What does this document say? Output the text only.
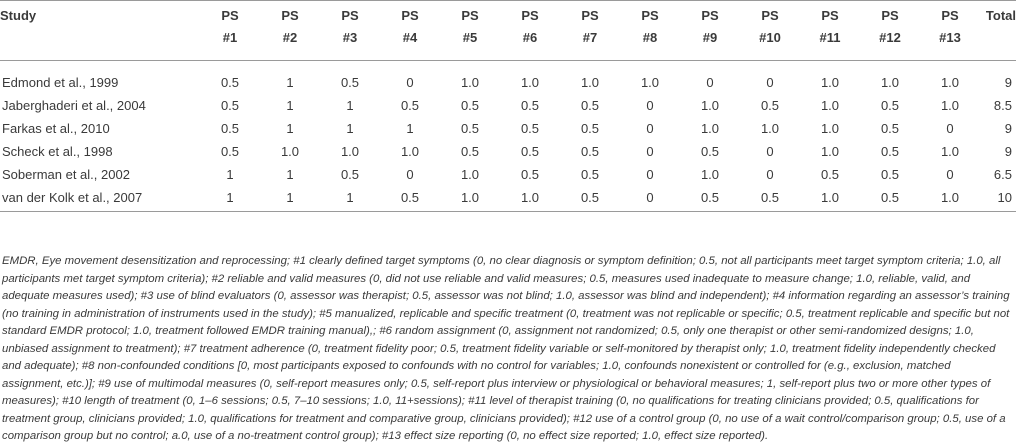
Study	PS	PS	PS	PS	PS	PS	PS	PS	PS	PS	PS	PS	PS	Total
	#1	#2	#3	#4	#5	#6	#7	#8	#9	#10	#11	#12	#13	
Edmond et al., 1999	0.5	1	0.5	0	1.0	1.0	1.0	1.0	0	0	1.0	1.0	1.0	9
Jaberghaderi et al., 2004	0.5	1	1	0.5	0.5	0.5	0.5	0	1.0	0.5	1.0	0.5	1.0	8.5
Farkas et al., 2010	0.5	1	1	1	0.5	0.5	0.5	0	1.0	1.0	1.0	0.5	0	9
Scheck et al., 1998	0.5	1.0	1.0	1.0	0.5	0.5	0.5	0	0.5	0	1.0	0.5	1.0	9
Soberman et al., 2002	1	1	0.5	0	1.0	0.5	0.5	0	1.0	0	0.5	0.5	0	6.5
van der Kolk et al., 2007	1	1	1	0.5	1.0	1.0	0.5	0	0.5	0.5	1.0	0.5	1.0	10
EMDR, Eye movement desensitization and reprocessing; #1 clearly defined target symptoms (0, no clear diagnosis or symptom definition; 0.5, not all participants meet target symptom criteria; 1.0, all participants met target symptom criteria); #2 reliable and valid measures (0, did not use reliable and valid measures; 0.5, measures used inadequate to measure change; 1.0, reliable, valid, and adequate measures used); #3 use of blind evaluators (0, assessor was therapist; 0.5, assessor was not blind; 1.0, assessor was blind and independent); #4 information regarding an assessor’s training (no training in administration of instruments used in the study); #5 manualized, replicable and specific treatment (0, treatment was not replicable or specific; 0.5, treatment replicable and specific but not standard EMDR protocol; 1.0, treatment followed EMDR training manual),; #6 random assignment (0, assignment not randomized; 0.5, only one therapist or other semi-randomized designs; 1.0, unbiased assignment to treatment); #7 treatment adherence (0, treatment fidelity poor; 0.5, treatment fidelity variable or self-monitored by therapist only; 1.0, treatment fidelity independently checked and adequate); #8 non-confounded conditions [0, most participants exposed to confounds with no control for variables; 1.0, confounds nonexistent or controlled for (e.g., exclusion, matched assignment, etc.)]; #9 use of multimodal measures (0, self-report measures only; 0.5, self-report plus interview or physiological or behavioral measures; 1, self-report plus two or more other types of measures); #10 length of treatment (0, 1–6 sessions; 0.5, 7–10 sessions; 1.0, 11+sessions); #11 level of therapist training (0, no qualifications for treating clinicians provided; 0.5, qualifications for treatment group, clinicians provided; 1.0, qualifications for treatment and comparative group, clinicians provided); #12 use of a control group (0, no use of a wait control/comparison group; 0.5, use of a comparison group but no control; a.0, use of a no-treatment control group); #13 effect size reporting (0, no effect size reported; 1.0, effect size reported).
